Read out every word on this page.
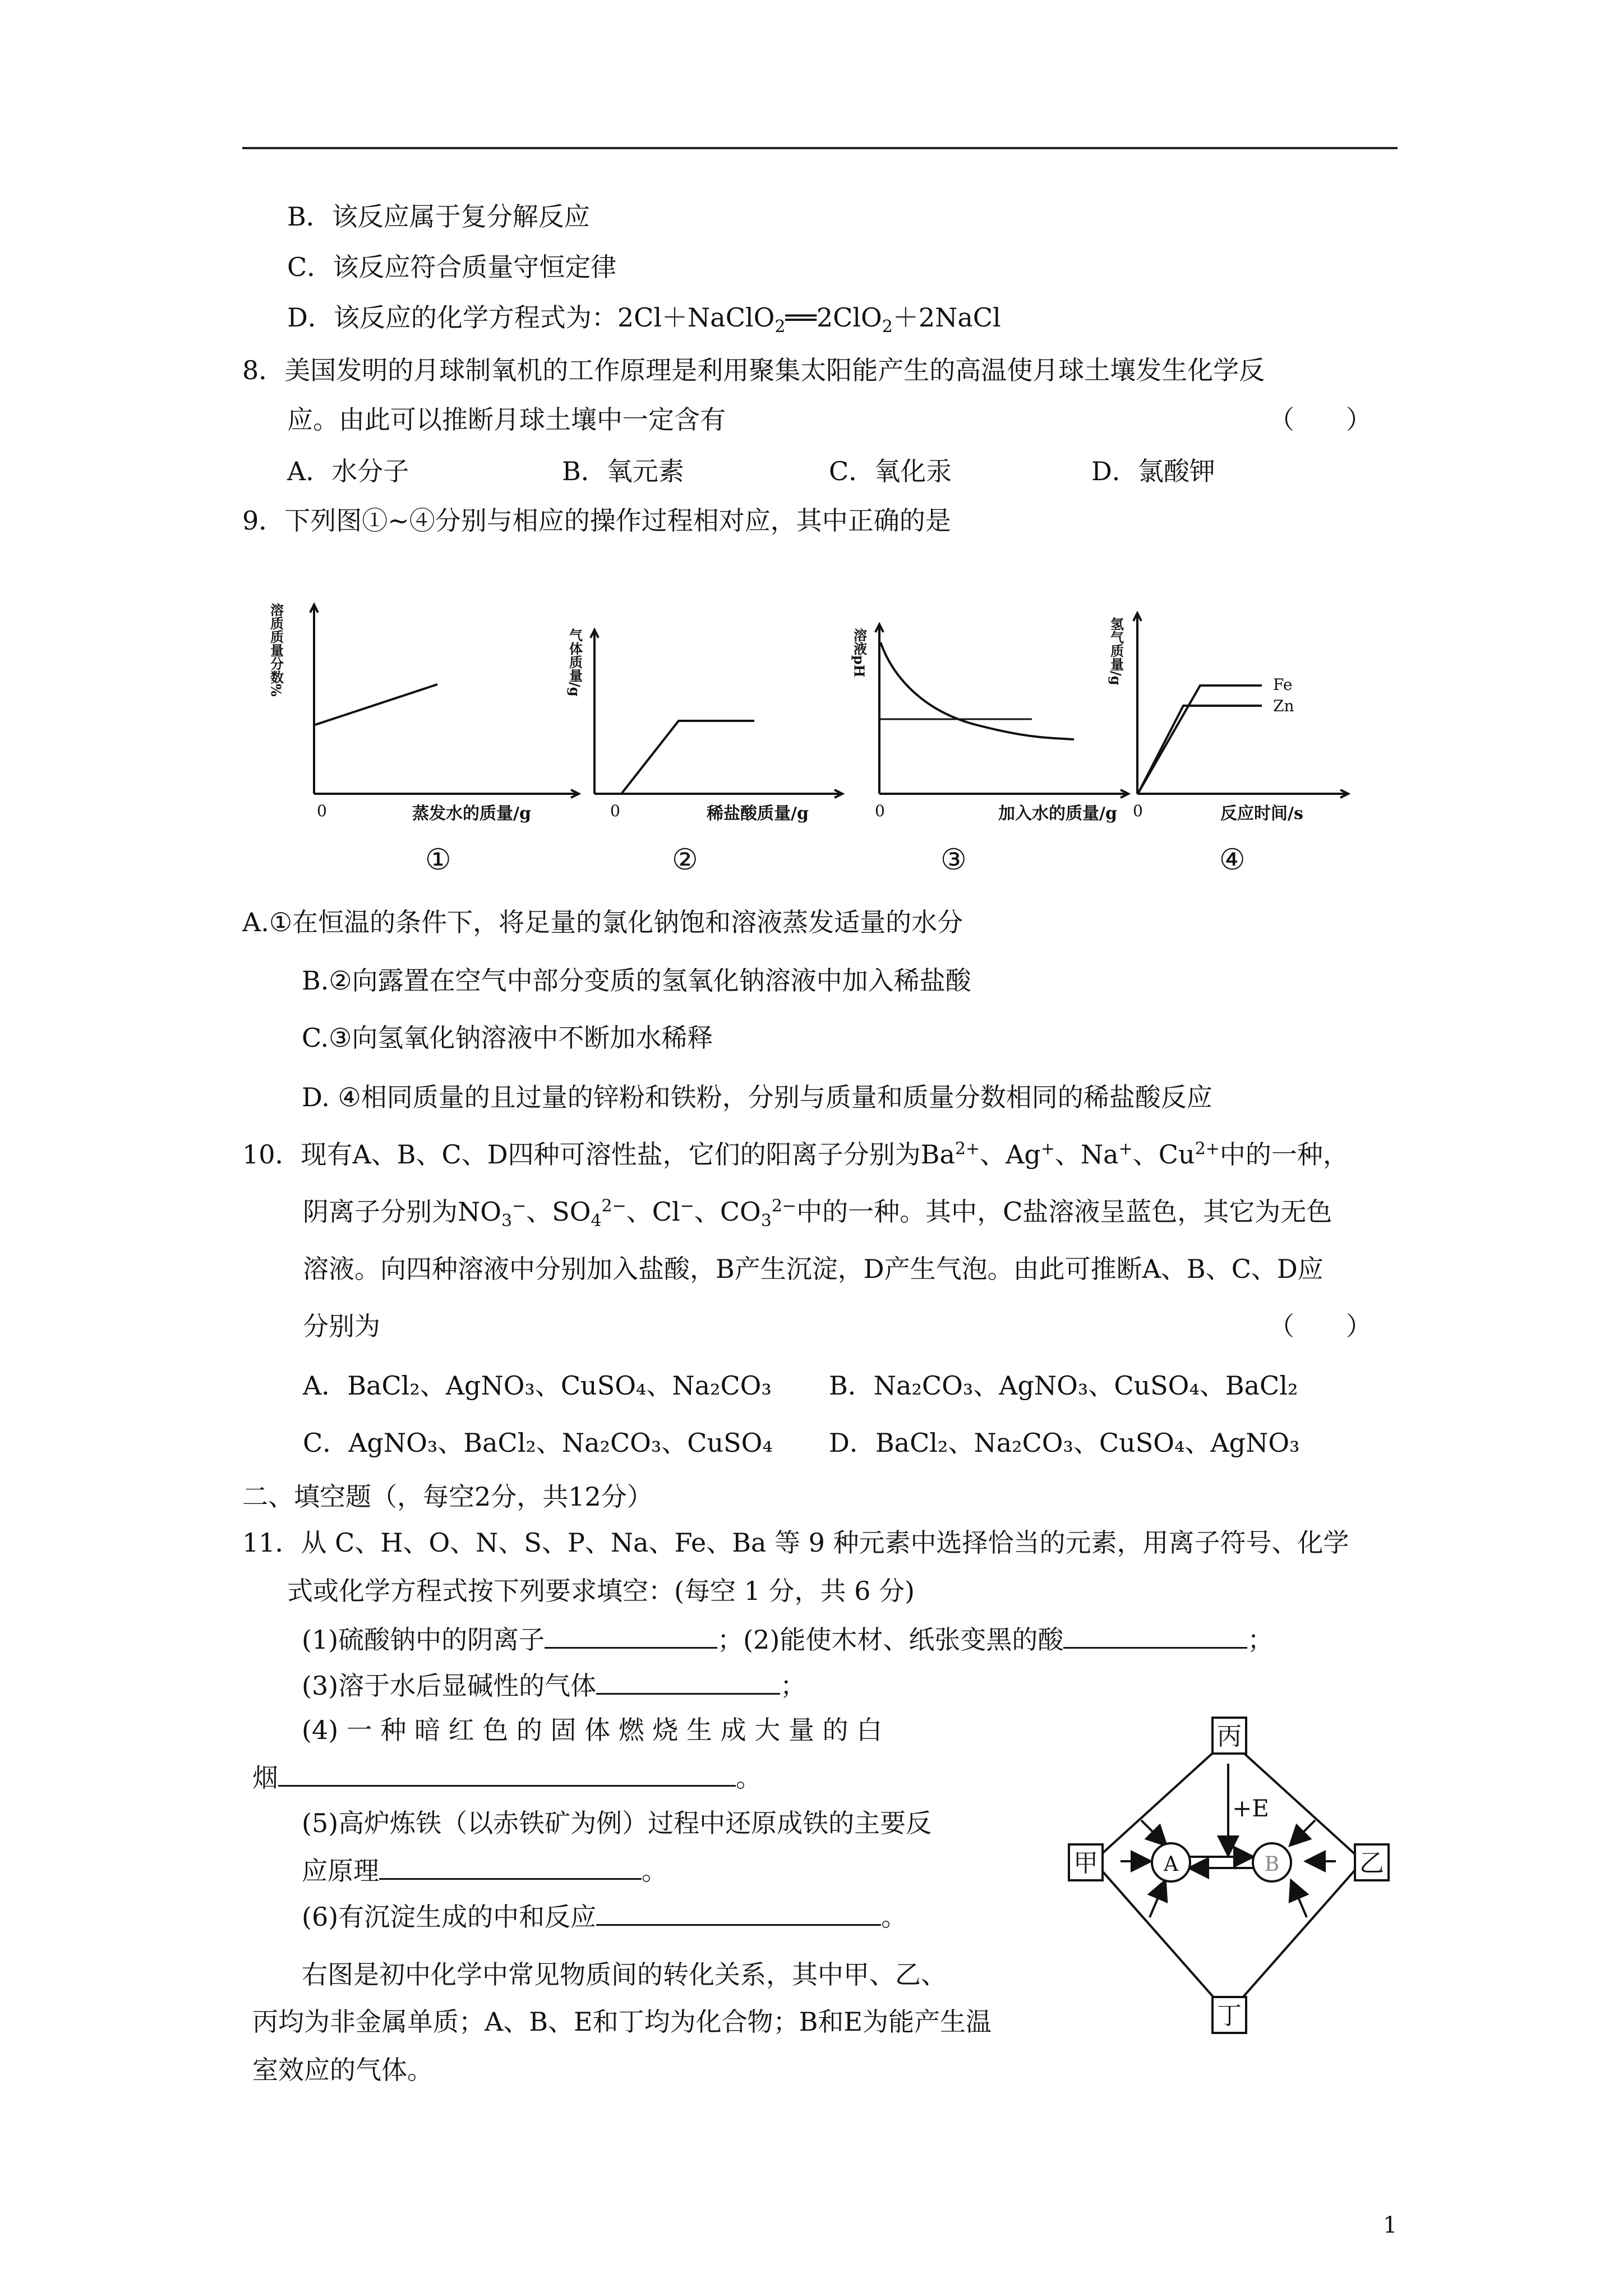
B．该反应属于复分解反应
C．该反应符合质量守恒定律
D．该反应的化学方程式为：2Cl＋NaClO$_2$══2ClO$_2$＋2NaCl
8．美国发明的月球制氧机的工作原理是利用聚集太阳能产生的高温使月球土壤发生化学反
应。由此可以推断月球土壤中一定含有	（　　）
A．水分子	B．氧元素	C．氧化汞	D．氯酸钾
9．下列图①~④分别与相应的操作过程相对应，其中正确的是
溶质质量分数%
0	蒸发水的质量/g
①
气体质量/g
0	稀盐酸质量/g
②
溶液pH
0	加入水的质量/g
③
氢气质量/g
0	反应时间/s
④
Fe
Zn
A.①在恒温的条件下，将足量的氯化钠饱和溶液蒸发适量的水分
B.②向露置在空气中部分变质的氢氧化钠溶液中加入稀盐酸
C.③向氢氧化钠溶液中不断加水稀释
D. ④相同质量的且过量的锌粉和铁粉，分别与质量和质量分数相同的稀盐酸反应
10．现有A、B、C、D四种可溶性盐，它们的阳离子分别为$Ba^{2+}$、Ag+、Na+、$Cu^{2+}$中的一种，
阴离子分别为$NO_3^-$、$SO_4^{2-}$、Cl−、$CO_3^{2-}$中的一种。其中，C盐溶液呈蓝色，其它为无色
溶液。向四种溶液中分别加入盐酸，B产生沉淀，D产生气泡。由此可推断A、B、C、D应
分别为	（　　）
A．BaCl₂、AgNO₃、CuSO₄、Na₂CO₃ B．Na₂CO₃、AgNO₃、CuSO₄、BaCl₂
C．AgNO₃、BaCl₂、Na₂CO₃、CuSO₄ D．BaCl₂、Na₂CO₃、CuSO₄、AgNO₃
二、填空题（，每空2分，共12分）
11．从 C、H、O、N、S、P、Na、Fe、Ba 等 9 种元素中选择恰当的元素，用离子符号、化学
式或化学方程式按下列要求填空：(每空 1 分，共 6 分)
(1)硫酸钠中的阴离子	；(2)能使木材、纸张变黑的酸	；
(3)溶于水后显碱性的气体	；
(4) 一 种 暗 红 色 的 固 体 燃 烧 生 成 大 量 的 白
烟	。
(5)高炉炼铁（以赤铁矿为例）过程中还原成铁的主要反
应原理	。
(6)有沉淀生成的中和反应	。
右图是初中化学中常见物质间的转化关系，其中甲、乙、
丙均为非金属单质；A、B、E和丁均为化合物；B和E为能产生温
室效应的气体。
丙
甲	乙
丁
A	B
+E
1
